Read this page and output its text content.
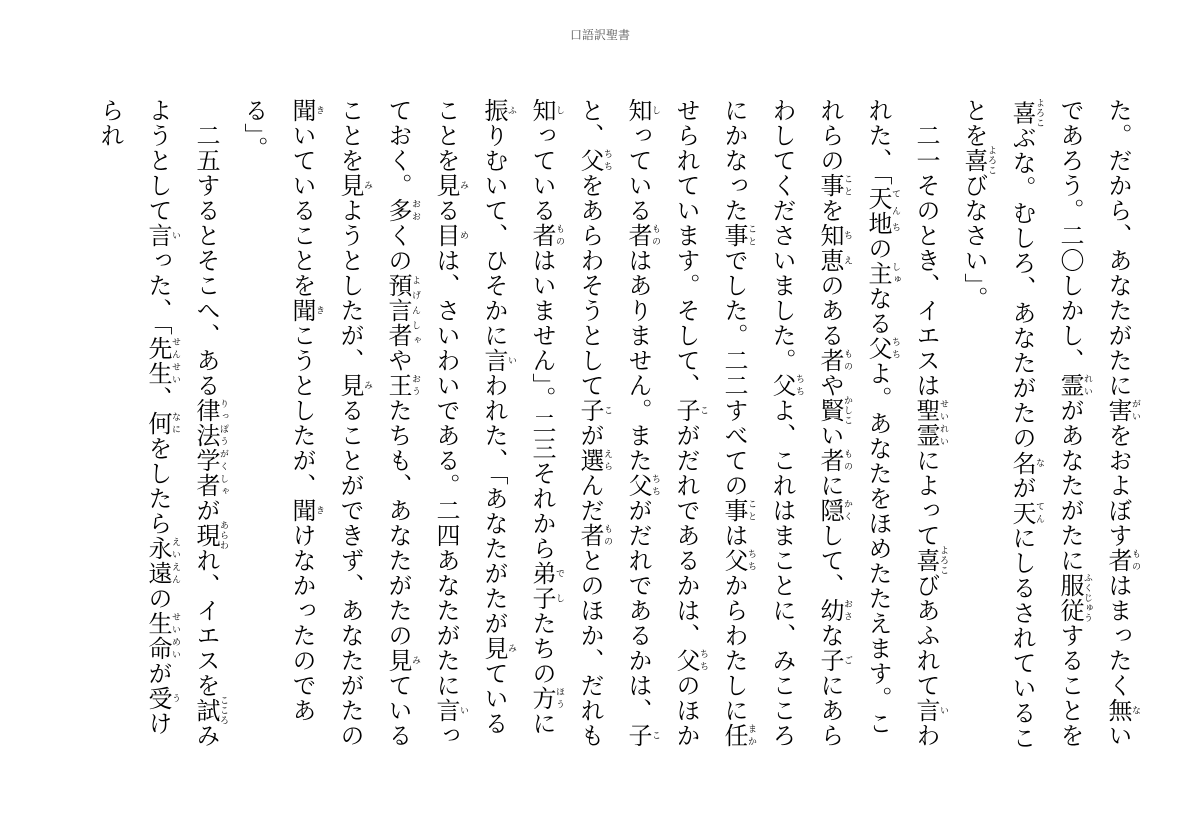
口語訳聖書

た。だから、あなたがたに害がいをおよぼす者ものはまったく無ないであろう。二〇しかし、霊れいがあなたがたに服従ふくじゅうすることを喜よろこぶな。むしろ、あなたがたの名なが天てんにしるされていることを喜よろこびなさい」。

　二一そのとき、イエスは聖霊せいれいによって喜よろこびあふれて言いわれた、「天地てんちの主しゅなる父ちちよ。あなたをほめたたえます。これらの事ことを知恵ちえのある者ものや賢かしこい者ものに隠かくして、幼おさな子ごにあらわしてくださいました。父ちちよ、これはまことに、みこころにかなった事ことでした。二二すべての事ことは父ちちからわたしに任まかせられています。そして、子こがだれであるかは、父ちちのほか知しっている者ものはありません。また父ちちがだれであるかは、子こと、父ちちをあらわそうとして子こが選えらんだ者ものとのほか、だれも知しっている者ものはいません」。二三それから弟子でしたちの方ほうに振ふりむいて、ひそかに言いわれた、「あなたがたが見みていることを見みる目めは、さいわいである。二四あなたがたに言いっておく。多おおくの預言者よげんしゃや王おうたちも、あなたがたの見みていることを見みようとしたが、見みることができず、あなたがたの聞きいていることを聞きこうとしたが、聞きけなかったのである」。

　二五するとそこへ、ある律法学者りっぽうがくしゃが現あらわれ、イエスを試こころみようとして言いった、「先生せんせい、何なにをしたら永遠えいえんの生命せいめいが受うけられ
